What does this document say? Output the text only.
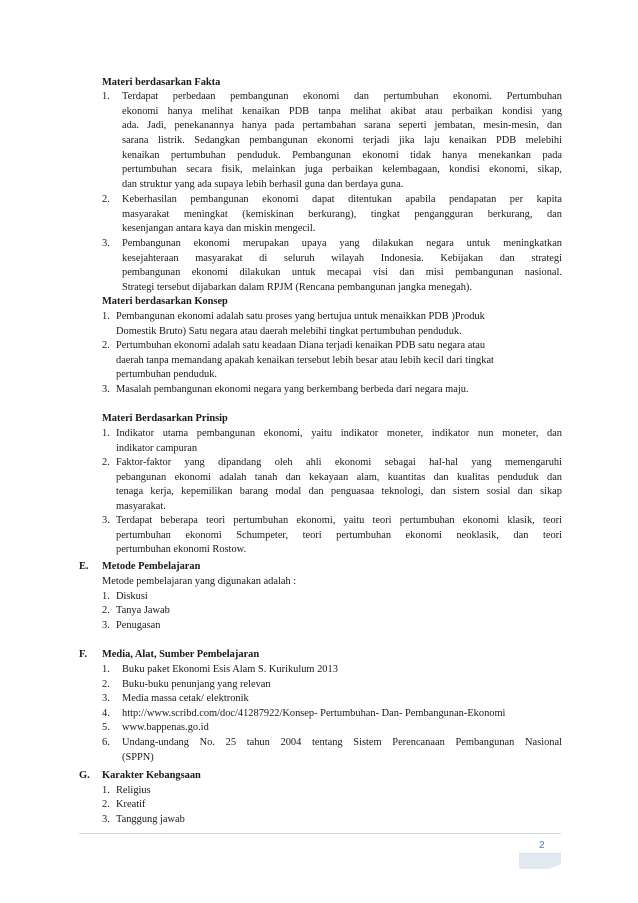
Materi berdasarkan Fakta
1. Terdapat perbedaan pembangunan ekonomi dan pertumbuhan ekonomi. Pertumbuhan
ekonomi hanya melihat kenaikan PDB tanpa melihat akibat atau perbaikan kondisi yang
ada. Jadi, penekanannya hanya pada pertambahan sarana seperti jembatan, mesin-mesin, dan
sarana listrik. Sedangkan pembangunan ekonomi terjadi jika laju kenaikan PDB melebihi
kenaikan pertumbuhan penduduk. Pembangunan ekonomi tidak hanya menekankan pada
pertumbuhan secara fisik, melainkan juga perbaikan kelembagaan, kondisi ekonomi, sikap,
dan struktur yang ada supaya lebih berhasil guna dan berdaya guna.
2. Keberhasilan pembangunan ekonomi dapat ditentukan apabila pendapatan per kapita
masyarakat meningkat (kemiskinan berkurang), tingkat pengangguran berkurang, dan
kesenjangan antara kaya dan miskin mengecil.
3. Pembangunan ekonomi merupakan upaya yang dilakukan negara untuk meningkatkan
kesejahteraan masyarakat di seluruh wilayah Indonesia. Kebijakan dan strategi
pembangunan ekonomi dilakukan untuk mecapai visi dan misi pembangunan nasional.
Strategi tersebut dijabarkan dalam RPJM (Rencana pembangunan jangka menegah).
Materi berdasarkan Konsep
1. Pembangunan ekonomi adalah satu proses yang bertujua untuk menaikkan PDB )Produk
Domestik Bruto) Satu negara atau daerah melebihi tingkat pertumbuhan penduduk.
2. Pertumbuhan ekonomi adalah satu keadaan Diana terjadi kenaikan PDB satu negara atau
daerah tanpa memandang apakah kenaikan tersebut lebih besar atau lebih kecil dari tingkat
pertumbuhan penduduk.
3. Masalah pembangunan ekonomi negara yang berkembang berbeda dari negara maju.
Materi Berdasarkan Prinsip
1. Indikator utama pembangunan ekonomi, yaitu indikator moneter, indikator nun moneter, dan
indikator campuran
2. Faktor-faktor yang dipandang oleh ahli ekonomi sebagai hal-hal yang memengaruhi
pebangunan ekonomi adalah tanah dan kekayaan alam, kuantitas dan kualitas penduduk dan
tenaga kerja, kepemilikan barang modal dan penguasaa teknologi, dan sistem sosial dan sikap
masyarakat.
3. Terdapat beberapa teori pertumbuhan ekonomi, yaitu teori pertumbuhan ekonomi klasik, teori
pertumbuhan ekonomi Schumpeter, teori pertumbuhan ekonomi neoklasik, dan teori
pertumbuhan ekonomi Rostow.
E. Metode Pembelajaran
Metode pembelajaran yang digunakan adalah :
1. Diskusi
2. Tanya Jawab
3. Penugasan
F. Media, Alat, Sumber Pembelajaran
1. Buku paket Ekonomi Esis Alam S. Kurikulum 2013
2. Buku-buku penunjang yang relevan
3. Media massa cetak/ elektronik
4. http://www.scribd.com/doc/41287922/Konsep- Pertumbuhan- Dan- Pembangunan-Ekonomi
5. www.bappenas.go.id
6. Undang-undang No. 25 tahun 2004 tentang Sistem Perencanaan Pembangunan Nasional
(SPPN)
G. Karakter Kebangsaan
1. Religius
2. Kreatif
3. Tanggung jawab
2
